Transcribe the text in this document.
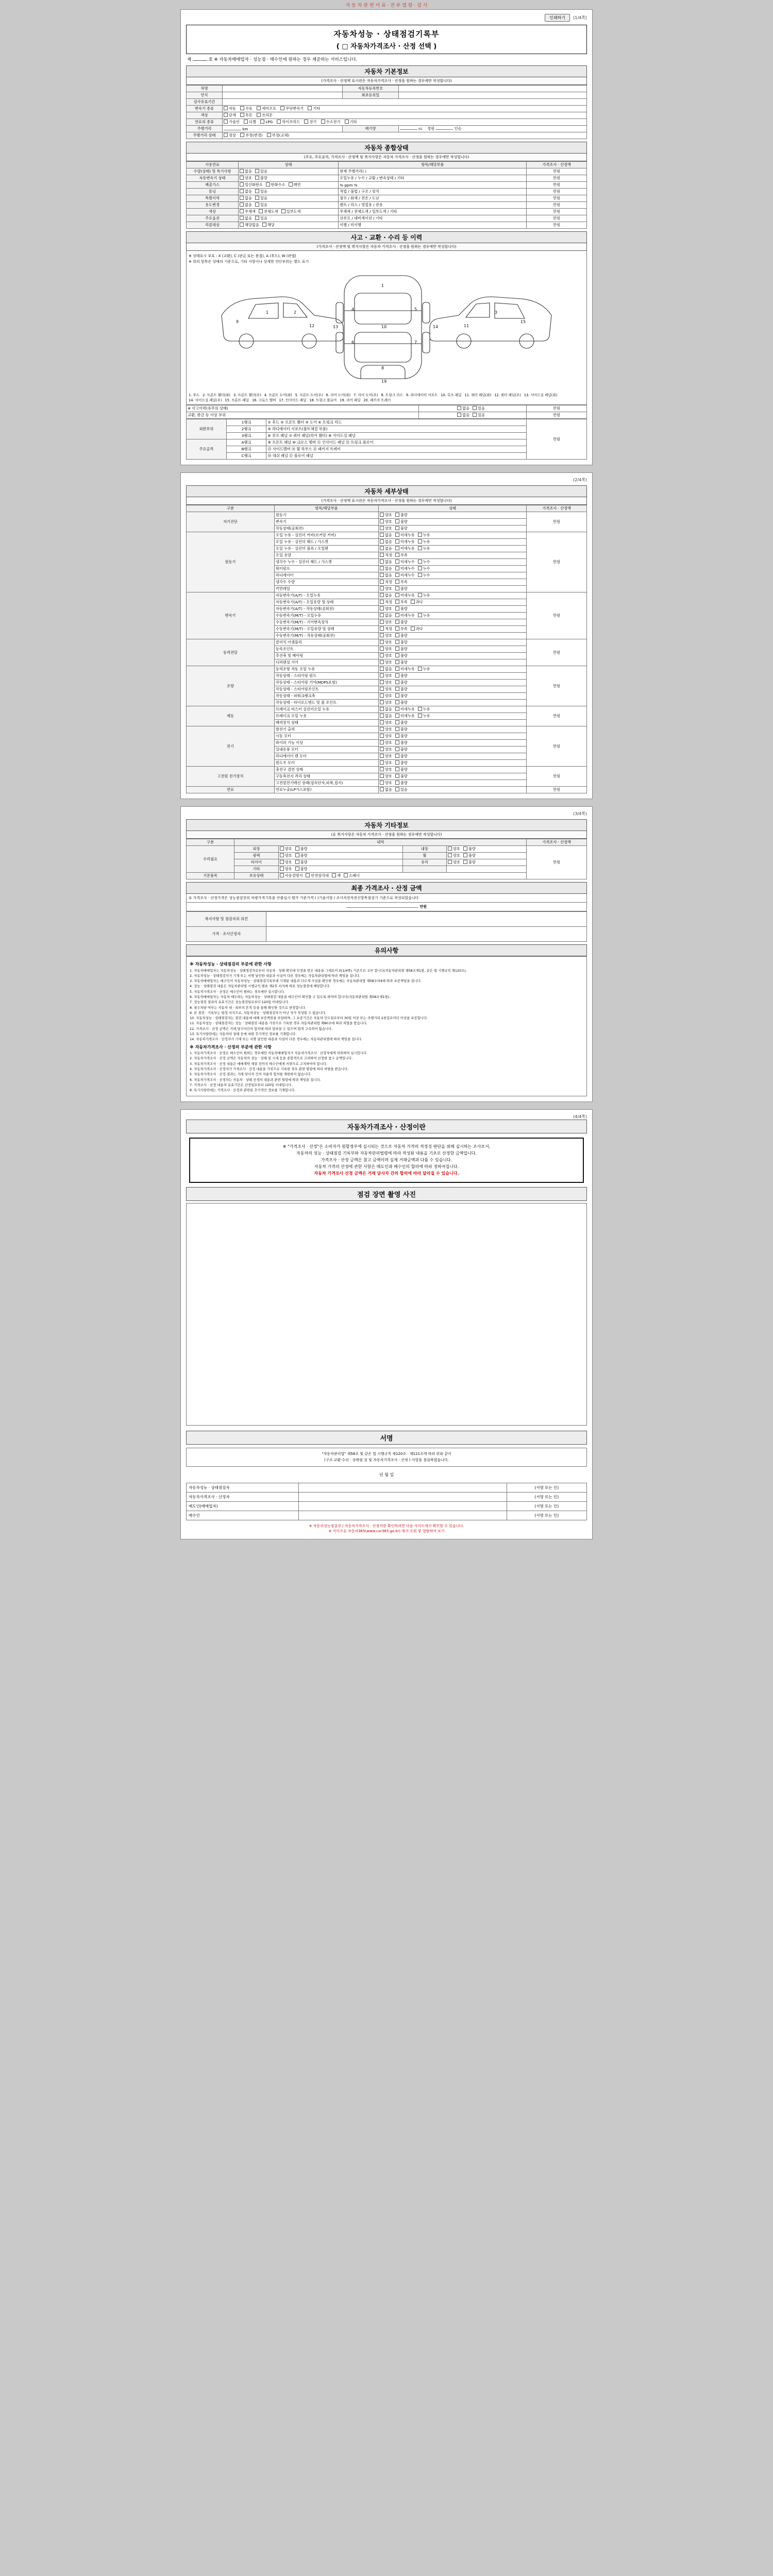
자 동 차 관 련 서 류 · 전 부 열 람 · 검 사
인쇄하기	(1/4쪽)
자동차성능 · 상태점검기록부
( □ 자동차가격조사 · 산정 선택 )
제	호 ※ 자동차매매업자 · 성능점 · 매수인에 원하는 경우 제공하는 서비스입니다.
자동차 기본정보
(가격조사 · 산정액 표시란은 자동차가격조사 · 산정을 원하는 경우에만 작성합니다)
차명		자동차등록번호	
연식		최초등록일	
검사유효기간			
변속기 종류	자동 수동 세미오토 무단변속기 기타		
색상	단색 투톤 쓰리톤		
연료의 종류	가솔린 디젤 LPG 하이브리드 전기 수소전기 기타		
주행거리	km	배기량	cc 정원 인승
주행거리 상태	정상 부정(변경) 부정(교체)		
자동차 종합상태
(주요, 주요골격, 가격조사 · 산정액 및 복지사항은 자동차 가격조사 · 산정을 원하는 경우에만 작성합니다)
사용연료	상태	항목/해당부품	가격조사 · 산정액
수량(상태) 및 특기사항	없음 있음	현재 주행거리( )	만원
자동변속기 상태	양호 불량	오일누유 / 누수 / 교환 / 변속상태 / 기타	만원
배출가스	일산화탄소 탄화수소 매연	% ppm %	만원
튜닝	없음 있음	적법 / 불법 / 구조 / 장치	만원
특별이력	없음 있음	침수 / 화재 / 전손 / 도난	만원
용도변경	없음 있음	렌트 / 리스 / 영업용 / 관용	만원
색상	무채색 전체도색 일부도색	무채색 / 전체도색 / 일부도색 / 기타	만원
주요옵션	없음 있음	선루프 / 내비게이션 / 기타	만원
리콜대상	해당없음 해당	이행 / 미이행	만원
사고 · 교환 · 수리 등 이력
(가격조사 · 산정액 및 복지사항은 자동차 가격조사 · 산정을 원하는 경우에만 작성합니다)
※ 상태표시 부호 : X (교환), C (판금 또는 용접), A (후드), W (판넬)
※ 위의 항목은 상태의 기준으로, 기타 사항이나 상세한 진단부위는 별도 표기
1	2
9
1
10
8
4	5
6	7
13	14
3
15
11
12
19
1. 후드 2. 프론트 휀더(좌) 3. 프론트 휀더(우) 4. 프론트 도어(좌) 5. 프론트 도어(우) 6. 리어 도어(좌) 7. 리어 도어(우) 8. 트렁크 리드 9. 라디에이터 서포트 10. 루프 패널 11. 쿼터 패널(좌) 12. 쿼터 패널(우) 13. 사이드실 패널(좌)14. 사이드실 패널(우) 15. 프론트 패널 16. 크로스 멤버 17. 인사이드 패널 18. 트렁크 플로어 19. 리어 패널 20. 패키지 트레이
※ 사고이력(유무의 상태)	없음 있음	만원
교환, 판금 등 이상 부위	없음 있음	만원
외판부위	1랭크	① 후드 ② 프론트 휀더 ③ 도어 ④ 트렁크 리드	만원
	2랭크	⑤ 라디에이터 서포트(볼트체결 부품)	
	3랭크	⑥ 루프 패널 ⑦ 쿼터 패널(리어 휀더) ⑧ 사이드실 패널	
주요골격	A랭크	⑨ 프론트 패널 ⑩ 크로스 멤버 ⑪ 인사이드 패널 ⑫ 트렁크 플로어	
	B랭크	⑬ 사이드멤버 ⑭ 휠 하우스 ⑮ 패키지 트레이	
	C랭크	⑯ 대쉬 패널 ⑰ 플로어 패널	
(2/4쪽)
자동차 세부상태
(가격조사 · 산정액 표시란은 자동차가격조사 · 산정을 원하는 경우에만 작성합니다)
구분	항목/해당부품	상태	가격조사 · 산정액
자기진단	원동기	양호 불량	만원
	변속기	양호 불량	
	작동상태(공회전)	양호 불량	
원동기	오일 누유 - 실린더 커버(로커암 커버)	없음 미세누유 누유	만원
	오일 누유 - 실린더 헤드 / 가스켓	없음 미세누유 누유	
	오일 누유 - 실린더 블록 / 오일팬	없음 미세누유 누유	
	오일 유량	적정 부족	
	냉각수 누수 - 실린더 헤드 / 가스켓	없음 미세누수 누수	
	워터펌프	없음 미세누수 누수	
	라디에이터	없음 미세누수 누수	
	냉각수 수량	적정 부족	
	커먼레일	양호 불량	
변속기	자동변속기(A/T) - 오일누유	없음 미세누유 누유	만원
	자동변속기(A/T) - 오일유량 및 상태	적정 부족 과다	
	자동변속기(A/T) - 작동상태(공회전)	양호 불량	
	수동변속기(M/T) - 오일누유	없음 미세누유 누유	
	수동변속기(M/T) - 기어변속장치	양호 불량	
	수동변속기(M/T) - 오일유량 및 상태	적정 부족 과다	
	수동변속기(M/T) - 작동상태(공회전)	양호 불량	
동력전달	클러치 어셈블리	양호 불량	만원
	등속조인트	양호 불량	
	추진축 및 베어링	양호 불량	
	디퍼렌셜 기어	양호 불량	
조향	동력조향 작동 오일 누유	없음 미세누유 누유	만원
	작동상태 - 스티어링 펌프	양호 불량	
	작동상태 - 스티어링 기어(MDPS포함)	양호 불량	
	작동상태 - 스티어링조인트	양호 불량	
	작동상태 - 파워크랭크축	양호 불량	
	작동상태 - 타이로드엔드 및 볼 조인트	양호 불량	
제동	브레이크 마스터 실린더오일 누유	없음 미세누유 누유	만원
	브레이크 오일 누유	없음 미세누유 누유	
	배력장치 상태	양호 불량	
전기	발전기 출력	양호 불량	만원
	시동 모터	양호 불량	
	와이퍼 기능 이상	양호 불량	
	실내송풍 모터	양호 불량	
	라디에이터 팬 모터	양호 불량	
	윈도우 모터	양호 불량	
고전원 전기장치	충전구 절연 상태	양호 불량	만원
	구동축전지 격리 상태	양호 불량	
	고전원전기배선 상태(접속단자,피복,접지)	양호 불량	
연료	연료누출(LP가스포함)	없음 있음	만원
(3/4쪽)
자동차 기타정보
(유 복지사항은 자동차 가격조사 · 산정을 원하는 경우에만 작성합니다)
구분	내역				가격조사 · 산정액
수리필요	외장	양호 불량	내장	양호 불량	만원
	광택	양호 불량	휠	양호 불량	
	타이어	양호 불량	유리	양호 불량	
	기타	양호 불량			
기본품목	보유상태	사용설명서 안전삼각대 잭 스패너			
최종 가격조사 · 산정 금액
① 가격조사 · 산정가격은 성능점검장의 차량가격기록을 산출실시 평가 기준가격 ( )기술사항 / 조사자전자전신항목점검기 기준으로 작성되었습니다
만원
복지사항 및 점검자의 의견	
가격 · 조사산정자	
유의사항
※ 자동차성능 · 상태점검의 부분에 관한 사항

1. 자동차매매업자는 자동차성능 · 상태점검자로부터 자동차 · 상태 확인에 인정을 받은 내용을 그대로이 0(1/4쪽) 기준으로 교부 합니다(자동차관리법 제58조제1항, 같은 법 시행규칙 제120조).

2. 자동차성능 · 상태점검자가 기재 또는 서명 날인한 내용과 사실이 다른 경우에는 자동차관리법에 따라 책임을 집니다.

3. 자동차매매업자는 매수인이 자동차성능 · 상태점검기록부에 기재된 내용과 다르게 사실을 확인한 경우에는 자동차관리법 제58조의4에 따라 보증책임을 집니다.

4. 성능 · 상태점검 내용은 자동차관리법 시행규칙 별표 제2호 서식에 따른 성능점검에 해당합니다.

5. 자동차가격조사 · 산정은 매수인이 원하는 경우에만 실시합니다.

6. 자동차매매업자는 자동차 매도하는 자동차성능 · 상태점검 내용을 매수인이 확인할 수 있도록 하여야 합니다(자동차관리법 제58조제1항).

7. 성능점검 결과의 유효기간은 성능점검일로부터 120일 이내입니다.

8. 침수차량 여부는 자동차 내 · 외부의 흔적 등을 통해 확인한 것으로 한정합니다.

9. 본 점검 · 기록부는 법정 서식으로, 자동차성능 · 상태점검자가 아닌 자가 작성할 수 없습니다.

10. 자동차성능 · 상태점검자는 점검 내용에 대해 보증책임을 부담하며, 그 보증기간은 자동차 인도일로부터 30일 이상 또는 주행거리 2천킬로미터 이상을 보증합니다.

11. 자동차성능 · 상태점검자는 성능 · 상태점검 내용을 거짓으로 기록한 경우 자동차관리법 제80조에 따라 처벌을 받습니다.

12. 가격조사 · 산정 금액은 거래 당사자간의 합의에 따라 달라질 수 있으며 법적 구속력이 없습니다.

13. 특기사항란에는 자동차의 상태 등에 대한 추가적인 정보를 기재합니다.

14. 자동차가격조사 · 산정자가 기재 또는 서명 날인한 내용과 사실이 다른 경우에는 자동차관리법에 따라 책임을 집니다.

※ 자동차가격조사 · 산정의 부분에 관한 사항

1. 자동차가격조사 · 산정은 매수인이 원하는 경우에만 자동차매매업자가 자동차가격조사 · 산정자에게 의뢰하여 실시합니다.

2. 자동차가격조사 · 산정 금액은 자동차의 성능 · 상태 및 시세 등을 종합적으로 고려하여 산정한 참고 금액입니다.

3. 자동차가격조사 · 산정 내용은 매매계약 체결 전까지 매수인에게 서면으로 고지하여야 합니다.

4. 자동차가격조사 · 산정자가 가격조사 · 산정 내용을 거짓으로 기록한 경우 관련 법령에 따라 처벌을 받습니다.

5. 자동차가격조사 · 산정 결과는 거래 당사자 간의 자율적 합의를 제한하지 않습니다.

6. 자동차가격조사 · 산정자는 자동차 · 상태 산정의 내용과 관련 법령에 따라 책임을 집니다.

7. 가격조사 · 산정 내용의 유효기간은 산정일로부터 120일 이내입니다.

8. 특기사항란에는 가격조사 · 산정과 관련된 추가적인 정보를 기재합니다.

(4/4쪽)
자동차가격조사 · 산정이란
※ "가격조사 · 산정"은 소비자가 원할경우에 실시되는 것으로 자동차 가격의 적정성 판단을 위해 실시하는 조사로서,
자동차의 성능 · 상태점검 기록부와 자동차관리법령에 따라 작성된 내용을 기초로 산정한 금액입니다.
가격조사 · 산정 금액은 참고 금액이며 실제 거래금액과 다를 수 있습니다.
자동차 가격의 산정에 관한 사항은 매도인과 매수인의 합의에 따라 정하여집니다.
자동차 가격조사 산정 금액은 거래 당사자 간의 합의에 따라 달라질 수 있습니다.
점검 장면 촬영 사진
서명
"자동차관리법" 제58조 및 같은 법 시행규칙 제120조 · 제121조에 따라 위와 같이
(구조·교환·수리 · 상태점 검 및 자동차가격조사 · 산정 ) 사항을 점검하였습니다.
년 월 일
자동차성능 · 상태점검자		(서명 또는 인)
자동차가격조사 · 산정자		(서명 또는 인)
매도인(매매업자)		(서명 또는 인)
매수인		(서명 또는 인)
※ 자동차성능점검자 / 자동차가격조사 · 산정자를 확인하려면 다음 사이트에서 확인할 수 있습니다.
※ 카이즈유 자동차365(www.car365.go.kr) 에서 조회 및 열람하여 보기
